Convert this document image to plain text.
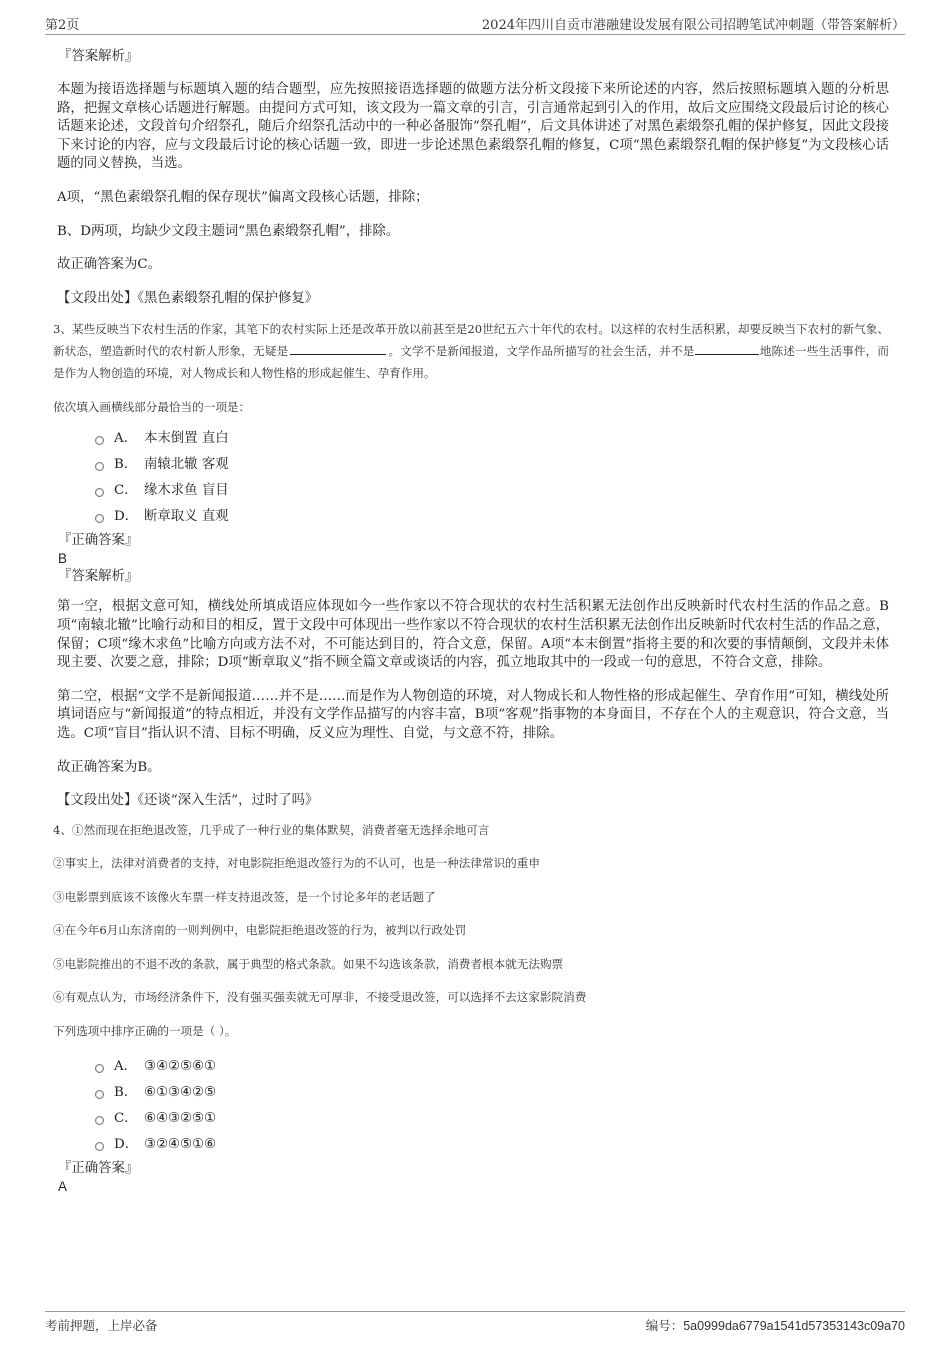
第2页	2024年四川自贡市港融建设发展有限公司招聘笔试冲刺题（带答案解析）
『答案解析』
本题为接语选择题与标题填入题的结合题型，应先按照接语选择题的做题方法分析文段接下来所论述的内容，然后按照标题填入题的分析思路，把握文章核心话题进行解题。由提问方式可知，该文段为一篇文章的引言，引言通常起到引入的作用，故后文应围绕文段最后讨论的核心话题来论述，文段首句介绍祭孔，随后介绍祭孔活动中的一种必备服饰“祭孔帽”，后文具体讲述了对黑色素缎祭孔帽的保护修复，因此文段接下来讨论的内容，应与文段最后讨论的核心话题一致，即进一步论述黑色素缎祭孔帽的修复，C项“黑色素缎祭孔帽的保护修复”为文段核心话题的同义替换，当选。
A项，“黑色素缎祭孔帽的保存现状”偏离文段核心话题，排除；
B、D两项，均缺少文段主题词“黑色素缎祭孔帽”，排除。
故正确答案为C。
【文段出处】《黑色素缎祭孔帽的保护修复》
3、某些反映当下农村生活的作家，其笔下的农村实际上还是改革开放以前甚至是20世纪五六十年代的农村。以这样的农村生活积累，却要反映当下农村的新气象、新状态，塑造新时代的农村新人形象，无疑是	。文学不是新闻报道，文学作品所描写的社会生活，并不是	地陈述一些生活事件，而是作为人物创造的环境，对人物成长和人物性格的形成起催生、孕育作用。
依次填入画横线部分最恰当的一项是：
A． 本末倒置 直白
B． 南辕北辙 客观
C． 缘木求鱼 盲目
D． 断章取义 直观
『正确答案』
B
『答案解析』
第一空，根据文意可知，横线处所填成语应体现如今一些作家以不符合现状的农村生活积累无法创作出反映新时代农村生活的作品之意。B项“南辕北辙”比喻行动和目的相反，置于文段中可体现出一些作家以不符合现状的农村生活积累无法创作出反映新时代农村生活的作品之意，保留；C项“缘木求鱼”比喻方向或方法不对，不可能达到目的，符合文意，保留。A项“本末倒置”指将主要的和次要的事情颠倒，文段并未体现主要、次要之意，排除；D项“断章取义”指不顾全篇文章或谈话的内容，孤立地取其中的一段或一句的意思，不符合文意，排除。
第二空，根据“文学不是新闻报道……并不是……而是作为人物创造的环境，对人物成长和人物性格的形成起催生、孕育作用”可知，横线处所填词语应与“新闻报道”的特点相近，并没有文学作品描写的内容丰富，B项“客观”指事物的本身面目，不存在个人的主观意识，符合文意，当选。C项“盲目”指认识不清、目标不明确，反义应为理性、自觉，与文意不符，排除。
故正确答案为B。
【文段出处】《还谈“深入生活”，过时了吗》
4、①然而现在拒绝退改签，几乎成了一种行业的集体默契，消费者毫无选择余地可言
②事实上，法律对消费者的支持，对电影院拒绝退改签行为的不认可，也是一种法律常识的重申
③电影票到底该不该像火车票一样支持退改签，是一个讨论多年的老话题了
④在今年6月山东济南的一则判例中，电影院拒绝退改签的行为，被判以行政处罚
⑤电影院推出的不退不改的条款，属于典型的格式条款。如果不勾选该条款，消费者根本就无法购票
⑥有观点认为，市场经济条件下，没有强买强卖就无可厚非，不接受退改签，可以选择不去这家影院消费
下列选项中排序正确的一项是（ ）。
A． ③④②⑤⑥①
B． ⑥①③④②⑤
C． ⑥④③②⑤①
D． ③②④⑤①⑥
『正确答案』
A
考前押题，上岸必备	编号：5a0999da6779a1541d57353143c09a70
